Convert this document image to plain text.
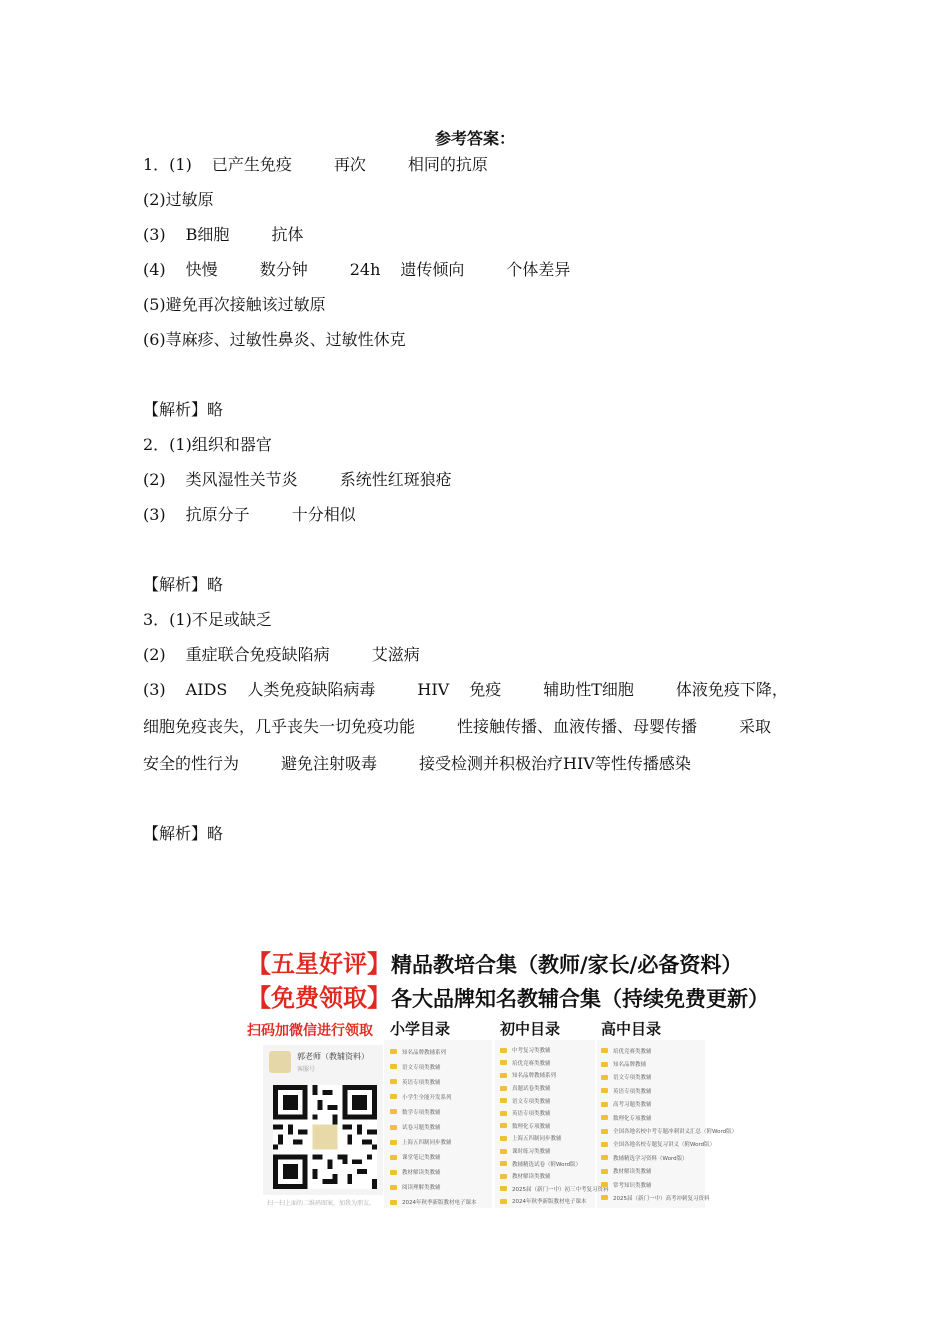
参考答案：
1．(1) 已产生免疫	再次	相同的抗原
(2)过敏原
(3) B细胞	抗体
(4) 快慢	数分钟	24h 遗传倾向	个体差异
(5)避免再次接触该过敏原
(6)荨麻疹、过敏性鼻炎、过敏性休克
【解析】略
2．(1)组织和器官
(2) 类风湿性关节炎	系统性红斑狼疮
(3) 抗原分子	十分相似
【解析】略
3．(1)不足或缺乏
(2) 重症联合免疫缺陷病	艾滋病
(3) AIDS 人类免疫缺陷病毒	HIV 免疫	辅助性T细胞	体液免疫下降，
细胞免疫丧失，几乎丧失一切免疫功能	性接触传播、血液传播、母婴传播	采取
安全的性行为	避免注射吸毒	接受检测并积极治疗HIV等性传播感染
【解析】略
【五星好评】精品教培合集（教师/家长/必备资料）
【免费领取】各大品牌知名教辅合集（持续免费更新）
扫码加微信进行领取
郭老师（教辅资料）
客服号
扫一扫上面的二维码图案，加我为朋友。
小学目录
知名品牌教辅系列
语文专项类教辅
英语专项类教辅
小学生全能开发系列
数学专项类教辅
试卷习题类教辅
上海五四制同步教辅
课堂笔记类教辅
教材解读类教辅
阅读理解类教辅
2024年秋季新版教材电子课本
初中目录
中考复习类教辅
培优竞赛类教辅
知名品牌教辅系列
真题试卷类教辅
语文专项类教辅
英语专项类教辅
数理化专项教辅
上海五四制同步教辅
课时练习类教辅
教辅精选试卷（附Word版）
教材解读类教辅
2025届（新门一中）初三中考复习资料
2024年秋季新版教材电子课本
高中目录
培优竞赛类教辅
知名品牌教辅
语文专项类教辅
英语专项类教辅
高考习题类教辅
数理化专项教辅
全国各地名校中考专题冲刺讲义汇总（附Word版）
全国各地名校专题复习讲义（附Word版）
教辅精选学习资料（Word版）
教材解读类教辅
常考知识类教辅
2025届（新门一中）高考冲刺复习资料
